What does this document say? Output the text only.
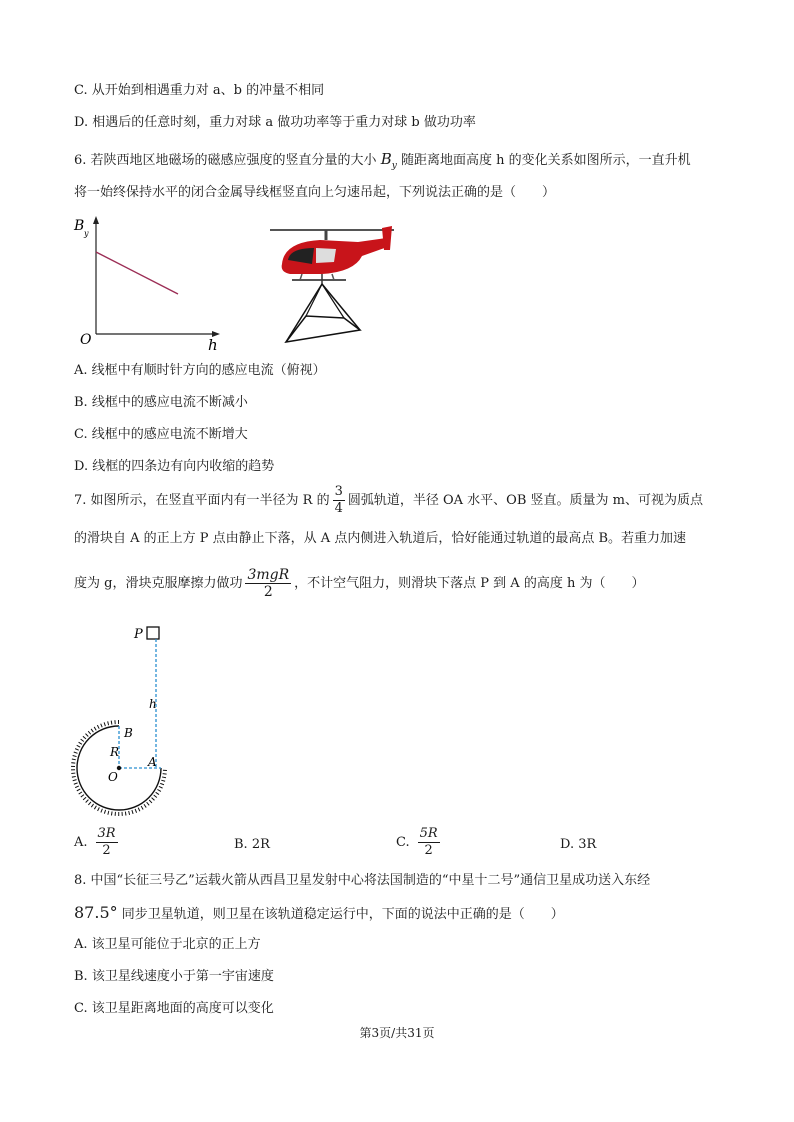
C. 从开始到相遇重力对 a、b 的冲量不相同
D. 相遇后的任意时刻，重力对球 a 做功功率等于重力对球 b 做功功率
6. 若陕西地区地磁场的磁感应强度的竖直分量的大小 $B_y$ 随距离地面高度 h 的变化关系如图所示，一直升机
将一始终保持水平的闭合金属导线框竖直向上匀速吊起，下列说法正确的是（　　）
B y
O	h
A. 线框中有顺时针方向的感应电流（俯视）
B. 线框中的感应电流不断减小
C. 线框中的感应电流不断增大
D. 线框的四条边有向内收缩的趋势
7. 如图所示，在竖直平面内有一半径为 R 的 $\frac{3}{4}$ 圆弧轨道，半径 OA 水平、OB 竖直。质量为 m、可视为质点
的滑块自 A 的正上方 P 点由静止下落，从 A 点内侧进入轨道后，恰好能通过轨道的最高点 B。若重力加速
度为 g，滑块克服摩擦力做功 $\frac{\text{3mgR}}{2}$ ，不计空气阻力，则滑块下落点 P 到 A 的高度 h 为（　　）
P
h
B
R
O
A
A. $\frac{3R}{2}$	B. 2R	C. $\frac{5R}{2}$	D. 3R
8. 中国“长征三号乙”运载火箭从西昌卫星发射中心将法国制造的“中星十二号”通信卫星成功送入东经
87.5° 同步卫星轨道，则卫星在该轨道稳定运行中，下面的说法中正确的是（　　）
A. 该卫星可能位于北京的正上方
B. 该卫星线速度小于第一宇宙速度
C. 该卫星距离地面的高度可以变化
第3页/共31页
